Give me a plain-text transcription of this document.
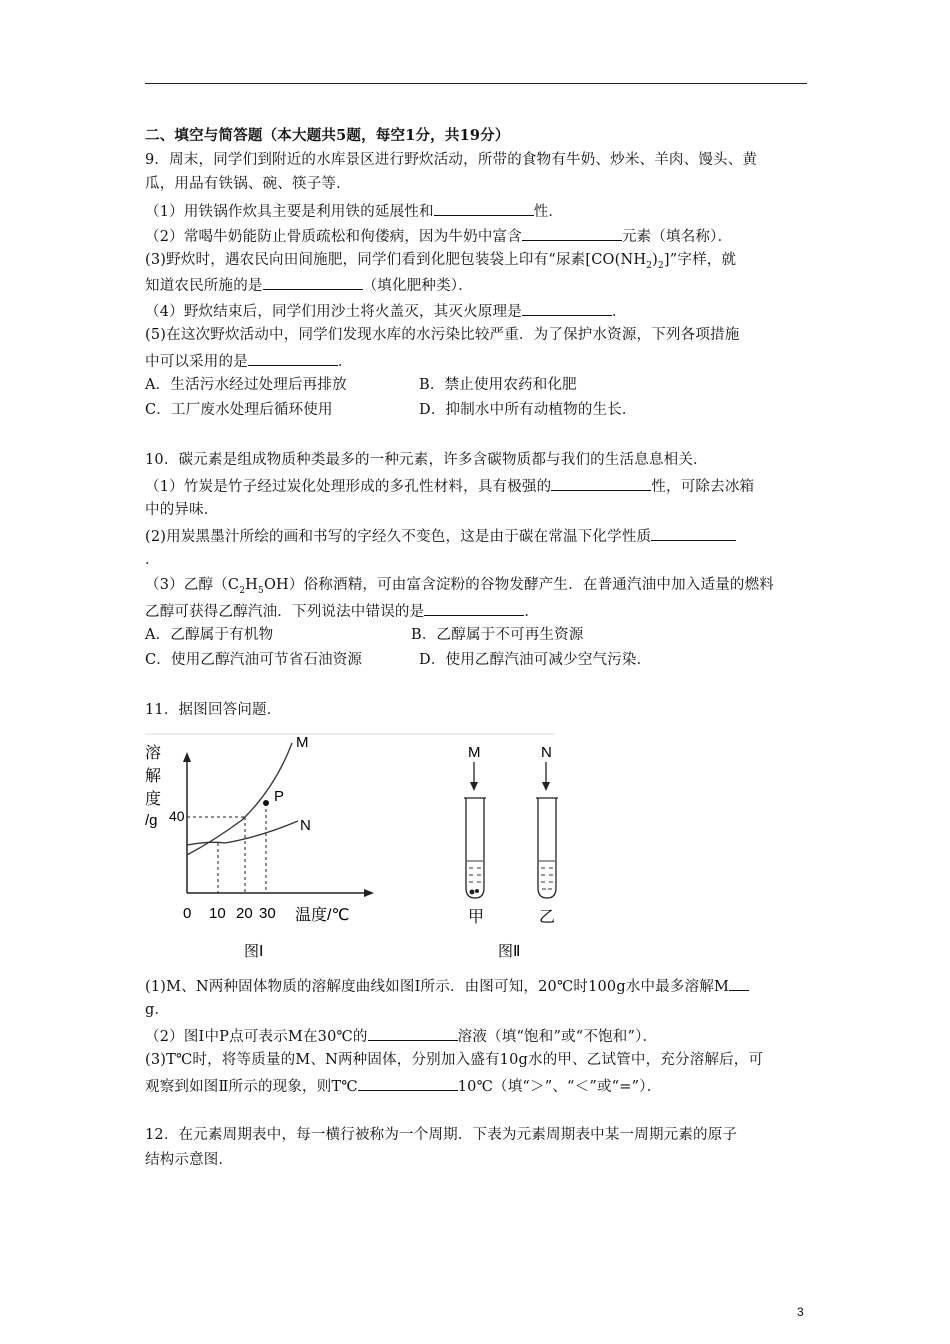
二、填空与简答题（本大题共5题，每空1分，共19分）
9．周末，同学们到附近的水库景区进行野炊活动，所带的食物有牛奶、炒米、羊肉、馒头、黄
瓜，用品有铁锅、碗、筷子等．
（1）用铁锅作炊具主要是利用铁的延展性和	性．
（2）常喝牛奶能防止骨质疏松和佝偻病，因为牛奶中富含	元素（填名称）．
(3)野炊时，遇农民向田间施肥，同学们看到化肥包装袋上印有“尿素$[CO(NH_2)_2]$”字样，就
知道农民所施的是	（填化肥种类）．
（4）野炊结束后，同学们用沙土将火盖灭，其灭火原理是	．
(5)在这次野炊活动中，同学们发现水库的水污染比较严重．为了保护水资源，下列各项措施
中可以采用的是	．
A．生活污水经过处理后再排放	B．禁止使用农药和化肥
C．工厂废水处理后循环使用	D．抑制水中所有动植物的生长．
10．碳元素是组成物质种类最多的一种元素，许多含碳物质都与我们的生活息息相关．
（1）竹炭是竹子经过炭化处理形成的多孔性材料，具有极强的	性，可除去冰箱
中的异味．
(2)用炭黑墨汁所绘的画和书写的字经久不变色，这是由于碳在常温下化学性质
．
（3）乙醇$(C_2H_5OH)$俗称酒精，可由富含淀粉的谷物发酵产生．在普通汽油中加入适量的燃料
乙醇可获得乙醇汽油．下列说法中错误的是	．
A．乙醇属于有机物	B．乙醇属于不可再生资源
C．使用乙醇汽油可节省石油资源	D．使用乙醇汽油可减少空气污染．
11．据图回答问题．
溶
解
度
/g 40
P
M
N
0 10 20 30 温度/℃
图Ⅰ
M	N
甲	乙
图Ⅱ
(1)M、N两种固体物质的溶解度曲线如图Ⅰ所示．由图可知，20℃时100g水中最多溶解M
g．
（2）图Ⅰ中P点可表示M在30℃的	溶液（填“饱和”或“不饱和”）．
(3)T℃时，将等质量的M、N两种固体，分别加入盛有10g水的甲、乙试管中，充分溶解后，可
观察到如图Ⅱ所示的现象，则T℃	10℃（填“＞”、“＜”或“=”）．
12．在元素周期表中，每一横行被称为一个周期．下表为元素周期表中某一周期元素的原子
结构示意图．
3
